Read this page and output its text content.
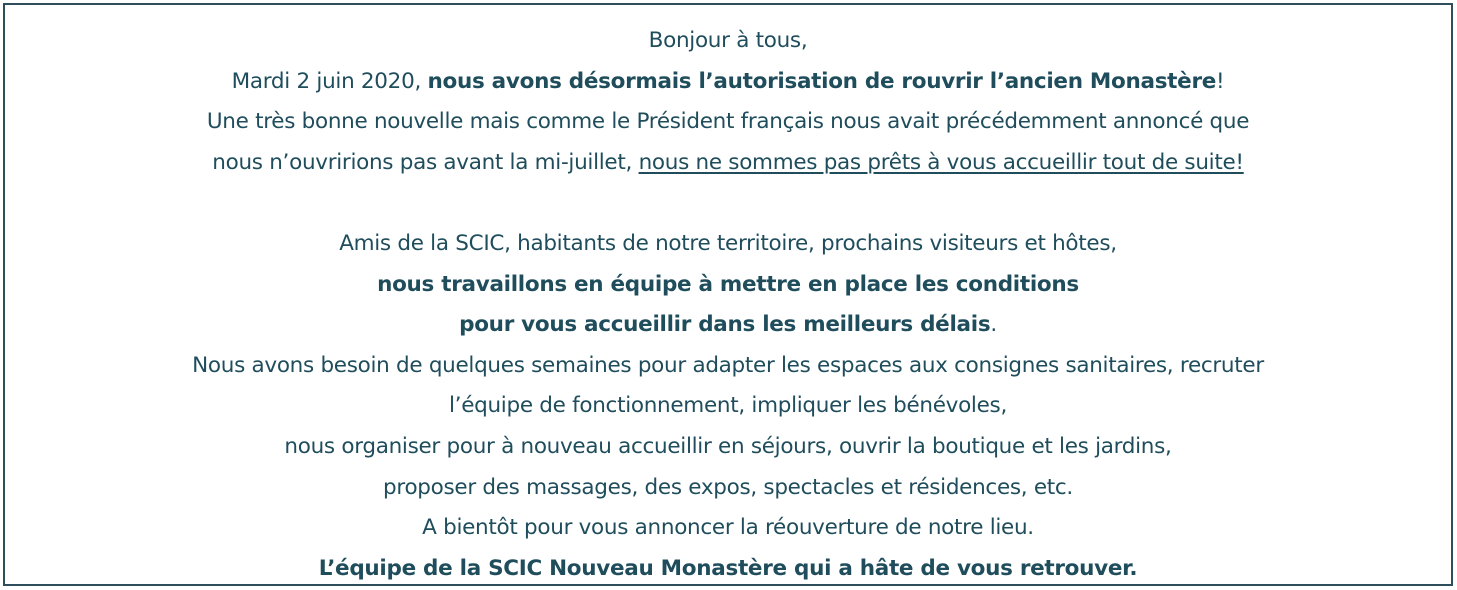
Bonjour à tous,
Mardi 2 juin 2020, nous avons désormais l’autorisation de rouvrir l’ancien Monastère!
Une très bonne nouvelle mais comme le Président français nous avait précédemment annoncé que
nous n’ouvririons pas avant la mi-juillet, nous ne sommes pas prêts à vous accueillir tout de suite!
Amis de la SCIC, habitants de notre territoire, prochains visiteurs et hôtes,
nous travaillons en équipe à mettre en place les conditions
pour vous accueillir dans les meilleurs délais.
Nous avons besoin de quelques semaines pour adapter les espaces aux consignes sanitaires, recruter
l’équipe de fonctionnement, impliquer les bénévoles,
nous organiser pour à nouveau accueillir en séjours, ouvrir la boutique et les jardins,
proposer des massages, des expos, spectacles et résidences, etc.
A bientôt pour vous annoncer la réouverture de notre lieu.
L’équipe de la SCIC Nouveau Monastère qui a hâte de vous retrouver.
